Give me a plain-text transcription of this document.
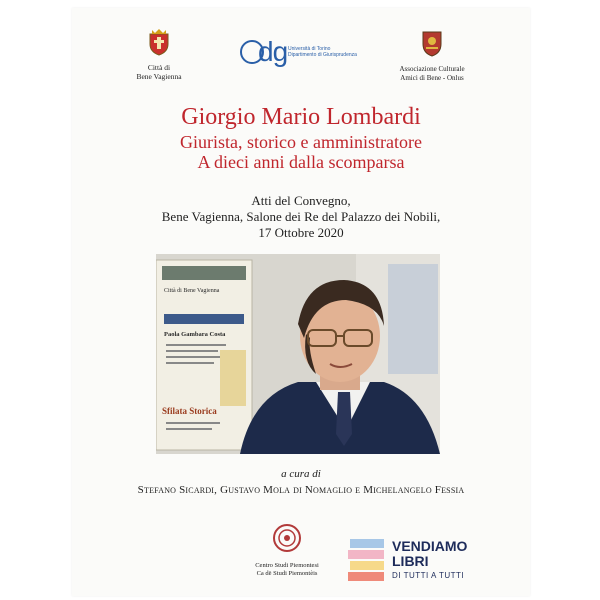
Città di
Bene Vagienna
dg Università di Torino
Dipartimento di Giurisprudenza
Associazione Culturale
Amici di Bene - Onlus
Giorgio Mario Lombardi
Giurista, storico e amministratore
A dieci anni dalla scomparsa
Atti del Convegno,
Bene Vagienna, Salone dei Re del Palazzo dei Nobili,
17 Ottobre 2020
Città di Bene Vagienna
Paola Gambara Costa
Sfilata Storica
a cura di
Stefano Sicardi, Gustavo Mola di Nomaglio e Michelangelo Fessia
Centro Studi Piemontesi
Ca dë Studi Piemontèis
VENDIAMO
LIBRI
DI TUTTI A TUTTI
